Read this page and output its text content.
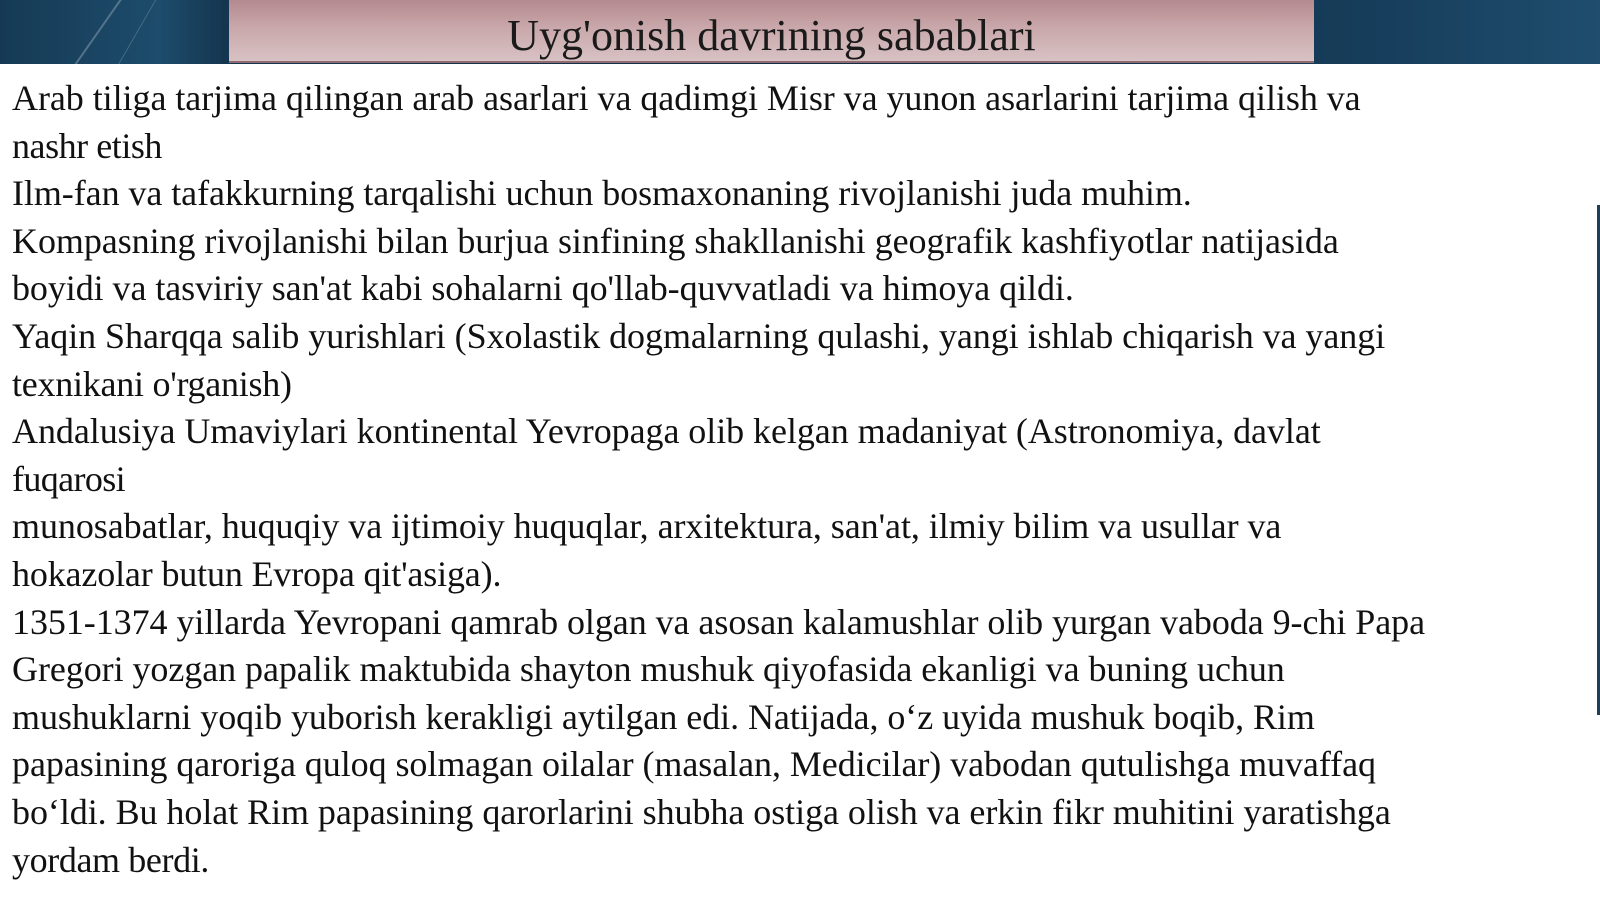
Uyg'onish davrining sabablari
Arab tiliga tarjima qilingan arab asarlari va qadimgi Misr va yunon asarlarini tarjima qilish va
nashr etish
Ilm-fan va tafakkurning tarqalishi uchun bosmaxonaning rivojlanishi juda muhim.
Kompasning rivojlanishi bilan burjua sinfining shakllanishi geografik kashfiyotlar natijasida
boyidi va tasviriy san'at kabi sohalarni qo'llab-quvvatladi va himoya qildi.
Yaqin Sharqqa salib yurishlari (Sxolastik dogmalarning qulashi, yangi ishlab chiqarish va yangi
texnikani o'rganish)
Andalusiya Umaviylari kontinental Yevropaga olib kelgan madaniyat (Astronomiya, davlat
fuqarosi
munosabatlar, huquqiy va ijtimoiy huquqlar, arxitektura, san'at, ilmiy bilim va usullar va
hokazolar butun Evropa qit'asiga).
1351-1374 yillarda Yevropani qamrab olgan va asosan kalamushlar olib yurgan vaboda 9-chi Papa
Gregori yozgan papalik maktubida shayton mushuk qiyofasida ekanligi va buning uchun
mushuklarni yoqib yuborish kerakligi aytilgan edi. Natijada, o‘z uyida mushuk boqib, Rim
papasining qaroriga quloq solmagan oilalar (masalan, Medicilar) vabodan qutulishga muvaffaq
bo‘ldi. Bu holat Rim papasining qarorlarini shubha ostiga olish va erkin fikr muhitini yaratishga
yordam berdi.
